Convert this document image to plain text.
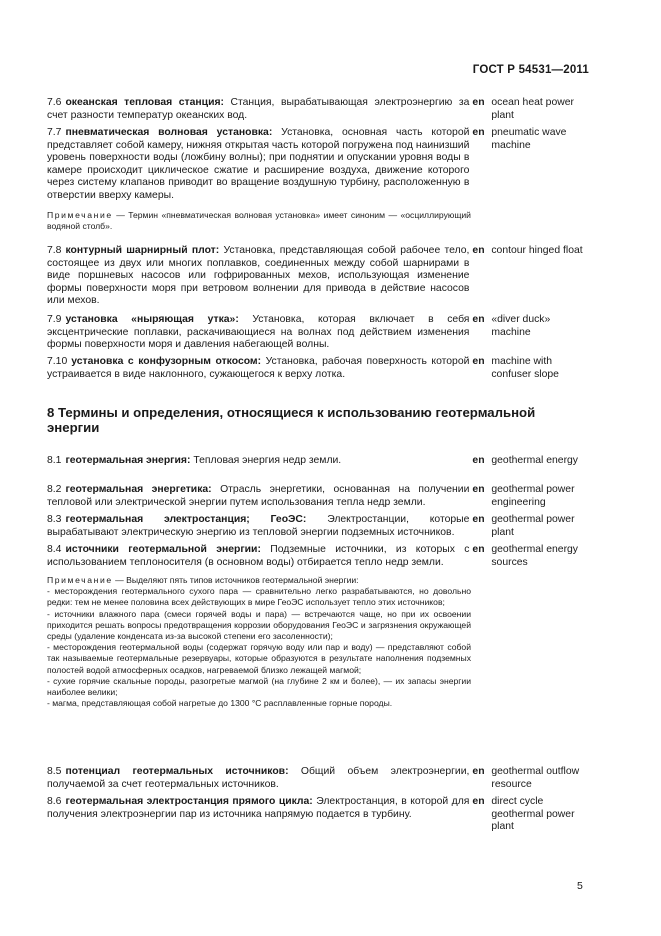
ГОСТ Р 54531—2011
7.6 океанская тепловая станция: Станция, вырабатывающая электроэнергию за счет разности температур океанских вод.
en ocean heat power plant
7.7 пневматическая волновая установка: Установка, основная часть которой представляет собой камеру, нижняя открытая часть которой погружена под наинизший уровень поверхности воды (ложбину волны); при поднятии и опускании уровня воды в камере происходит циклическое сжатие и расширение воздуха, движение которого через систему клапанов приводит во вращение воздушную турбину, расположенную в отверстии вверху камеры.
en pneumatic wave machine

Примечание — Термин «пневматическая волновая установка» имеет синоним — «осциллирующий водяной столб».

7.8 контурный шарнирный плот: Установка, представляющая собой рабочее тело, состоящее из двух или многих поплавков, соединенных между собой шарнирами в виде поршневых насосов или гофрированных мехов, использующая изменение формы поверхности моря при ветровом волнении для привода в действие насосов или мехов.
en contour hinged float
7.9 установка «ныряющая утка»: Установка, которая включает в себя эксцентрические поплавки, раскачивающиеся на волнах под действием изменения формы поверхности моря и давления набегающей волны.
en «diver duck» machine
7.10 установка с конфузорным откосом: Установка, рабочая поверхность которой устраивается в виде наклонного, сужающегося к верху лотка.
en machine with confuser slope
8 Термины и определения, относящиеся к использованию геотермальной энергии
8.1 геотермальная энергия: Тепловая энергия недр земли.	en geothermal energy
8.2 геотермальная энергетика: Отрасль энергетики, основанная на получении тепловой или электрической энергии путем использования тепла недр земли.
en geothermal power engineering
8.3 геотермальная электростанция; ГеоЭС: Электростанции, которые вырабатывают электрическую энергию из тепловой энергии подземных источников.
en geothermal power plant
8.4 источники геотермальной энергии: Подземные источники, из которых с использованием теплоносителя (в основном воды) отбирается тепло недр земли.
en geothermal energy sources

Примечание — Выделяют пять типов источников геотермальной энергии:

- месторождения геотермального сухого пара — сравнительно легко разрабатываются, но довольно редки: тем не менее половина всех действующих в мире ГеоЭС использует тепло этих источников;

- источники влажного пара (смеси горячей воды и пара) — встречаются чаще, но при их освоении приходится решать вопросы предотвращения коррозии оборудования ГеоЭС и загрязнения окружающей среды (удаление конденсата из-за высокой степени его засоленности);

- месторождения геотермальной воды (содержат горячую воду или пар и воду) — представляют собой так называемые геотермальные резервуары, которые образуются в результате наполнения подземных полостей водой атмосферных осадков, нагреваемой близко лежащей магмой;

- сухие горячие скальные породы, разогретые магмой (на глубине 2 км и более), — их запасы энергии наиболее велики;

- магма, представляющая собой нагретые до 1300 °С расплавленные горные породы.

8.5 потенциал геотермальных источников: Общий объем электроэнергии, получаемой за счет геотермальных источников.
en geothermal outflow resource
8.6 геотермальная электростанция прямого цикла: Электростанция, в которой для получения электроэнергии пар из источника напрямую подается в турбину.
en direct cycle geothermal power plant
5
